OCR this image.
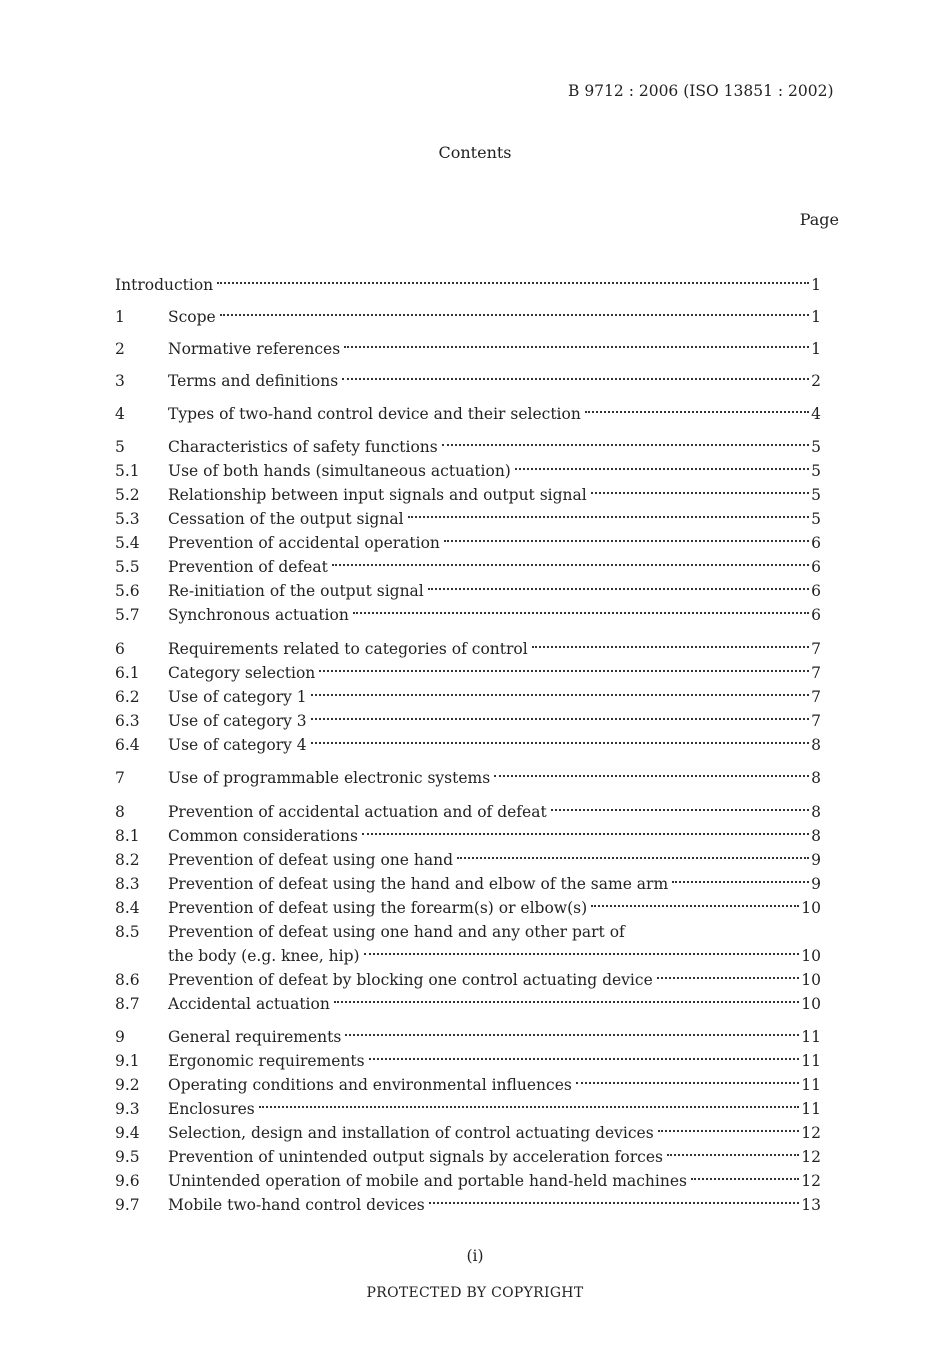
B 9712 : 2006 (ISO 13851 : 2002)
Contents
Page
Introduction	1
1	Scope	1
2	Normative references	1
3	Terms and definitions	2
4	Types of two-hand control device and their selection	4
5	Characteristics of safety functions	5
5.1	Use of both hands (simultaneous actuation)	5
5.2	Relationship between input signals and output signal	5
5.3	Cessation of the output signal	5
5.4	Prevention of accidental operation	6
5.5	Prevention of defeat	6
5.6	Re-initiation of the output signal	6
5.7	Synchronous actuation	6
6	Requirements related to categories of control	7
6.1	Category selection	7
6.2	Use of category 1	7
6.3	Use of category 3	7
6.4	Use of category 4	8
7	Use of programmable electronic systems	8
8	Prevention of accidental actuation and of defeat	8
8.1	Common considerations	8
8.2	Prevention of defeat using one hand	9
8.3	Prevention of defeat using the hand and elbow of the same arm	9
8.4	Prevention of defeat using the forearm(s) or elbow(s)	10
8.5	Prevention of defeat using one hand and any other part of
the body (e.g. knee, hip)	10
8.6	Prevention of defeat by blocking one control actuating device	10
8.7	Accidental actuation	10
9	General requirements	11
9.1	Ergonomic requirements	11
9.2	Operating conditions and environmental influences	11
9.3	Enclosures	11
9.4	Selection, design and installation of control actuating devices	12
9.5	Prevention of unintended output signals by acceleration forces	12
9.6	Unintended operation of mobile and portable hand-held machines	12
9.7	Mobile two-hand control devices	13
(i)
PROTECTED BY COPYRIGHT
